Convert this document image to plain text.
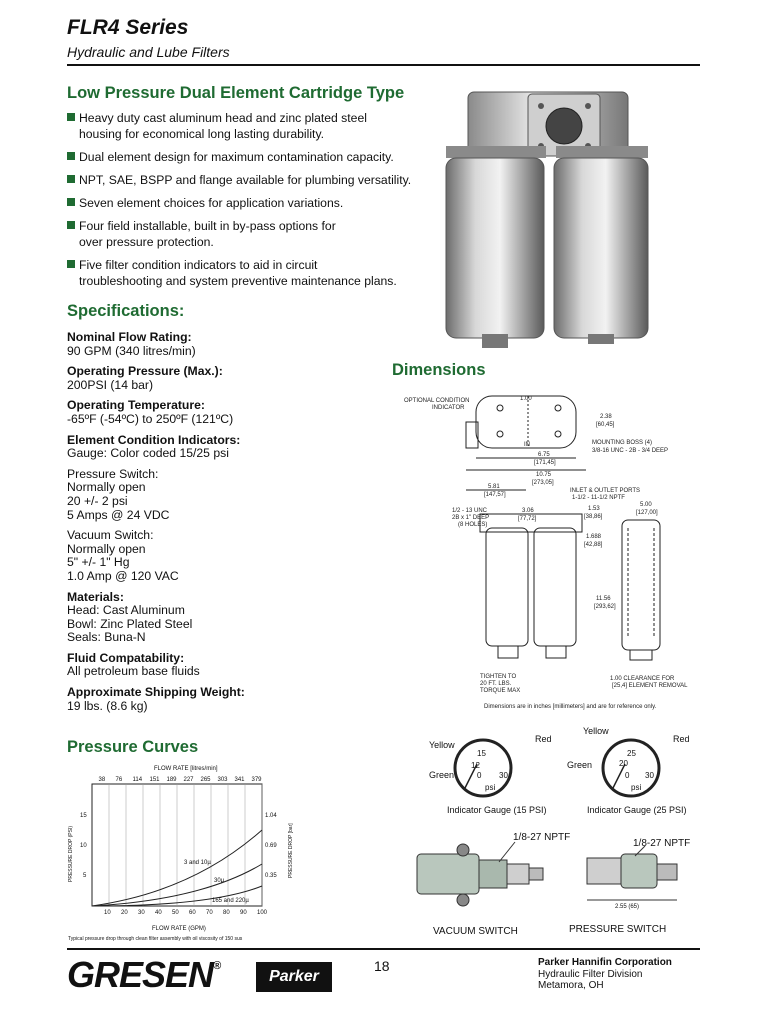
FLR4 Series
Hydraulic and Lube Filters
Low Pressure Dual Element Cartridge Type
Heavy duty cast aluminum head and zinc plated steel
housing for economical long lasting durability.
Dual element design for maximum contamination capacity.
NPT, SAE, BSPP and flange available for plumbing versatility.
Seven element choices for application variations.
Four field installable, built in by-pass options for
over pressure protection.
Five filter condition indicators to aid in circuit
troubleshooting and system preventive maintenance plans.
Specifications:
Nominal Flow Rating:
90 GPM (340 litres/min)
Operating Pressure (Max.):
200PSI (14 bar)
Operating Temperature:
-65ºF (-54ºC) to 250ºF (121ºC)
Element Condition Indicators:
Gauge: Color coded 15/25 psi
Pressure Switch:
Normally open
20 +/- 2 psi
5 Amps @ 24 VDC
Vacuum Switch:
Normally open
5" +/- 1" Hg
1.0 Amp @ 120 VAC
Materials:
Head: Cast Aluminum
Bowl: Zinc Plated Steel
Seals: Buna-N
Fluid Compatability:
All petroleum base fluids
Approximate Shipping Weight:
19 lbs. (8.6 kg)
Dimensions
OPTIONAL CONDITION
INDICATOR
1.00
2.38
[60,45]
MOUNTING BOSS (4)
3/8-16 UNC - 2B - 3/4 DEEP
IN
6.75
[171,45]
10.75
[273,05]
5.81
[147,57]
INLET & OUTLET PORTS
1-1/2 - 11-1/2 NPTF
1/2 - 13 UNC
2B x 1" DEEP
(8 HOLES)
3.06
[77,72]
1.53
[38,86]
5.00
[127,00]
1.688
[42,88]
11.56
[293,62]
TIGHTEN TO
20 FT. LBS.
TORQUE MAX
1.00 CLEARANCE FOR
[25,4] ELEMENT REMOVAL
Dimensions are in inches [millimeters] and are for reference only.
Yellow
Red
Green
15
12
0 30
psi
Indicator Gauge (15 PSI)
Yellow
Red
Green
25
20
0 30
psi
Indicator Gauge (25 PSI)
1/8-27 NPTF
VACUUM SWITCH
1/8-27 NPTF
2.55 (65)
PRESSURE SWITCH
Pressure Curves
FLOW RATE [litres/min]
38 76 114 151 189 227 265 303 341 379
15
10
5
1.04
0.69
0.35
PRESSURE DROP (PSI)	PRESSURE DROP [bar]
10 20 30 40 50 60 70 80 90 100
FLOW RATE (GPM)
3 and 10µ
30µ
165 and 220µ
Typical pressure drop through clean filter assembly with oil viscosity of 150 sus
GRESEN®
Parker
18	Parker Hannifin Corporation
Hydraulic Filter Division
Metamora, OH
